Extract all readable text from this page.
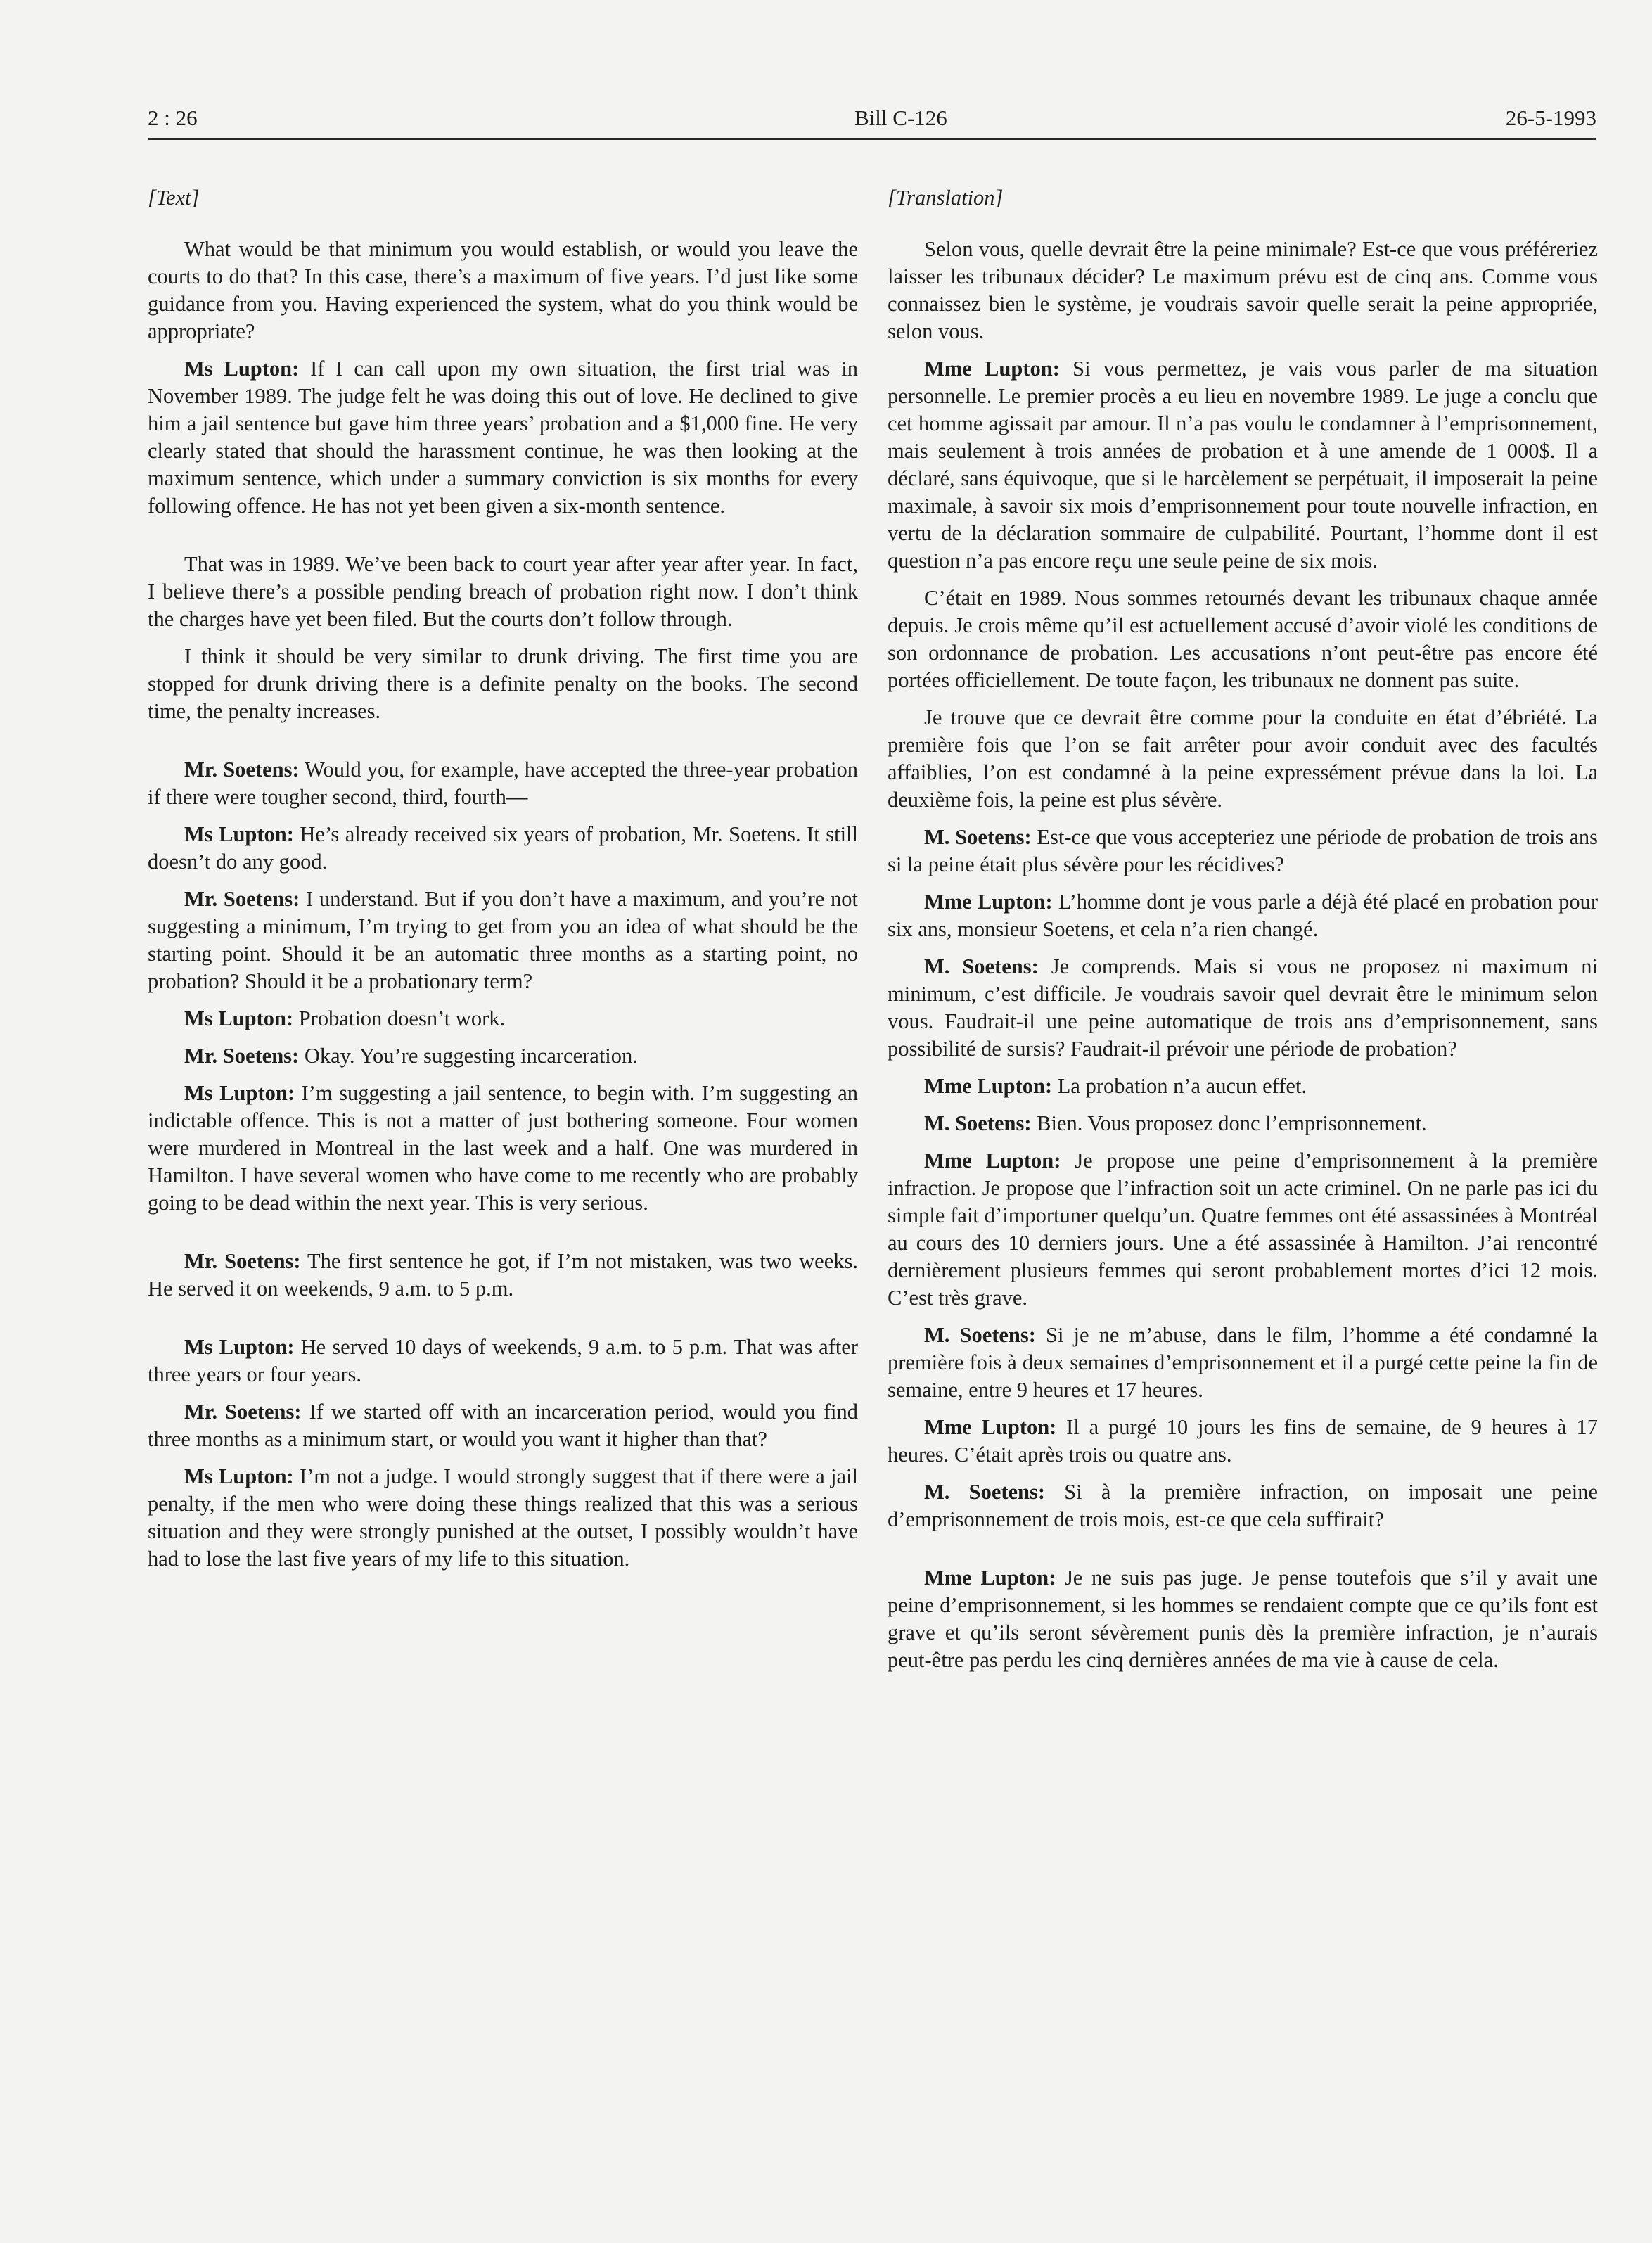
2 : 26	Bill C-126	26-5-1993

[Text]

What would be that minimum you would establish, or would you leave the courts to do that? In this case, there’s a maximum of five years. I’d just like some guidance from you. Having experienced the system, what do you think would be appropriate?

Ms Lupton: If I can call upon my own situation, the first trial was in November 1989. The judge felt he was doing this out of love. He declined to give him a jail sentence but gave him three years’ probation and a $1,000 fine. He very clearly stated that should the harassment continue, he was then looking at the maximum sentence, which under a summary conviction is six months for every following offence. He has not yet been given a six-month sentence.

That was in 1989. We’ve been back to court year after year after year. In fact, I believe there’s a possible pending breach of probation right now. I don’t think the charges have yet been filed. But the courts don’t follow through.

I think it should be very similar to drunk driving. The first time you are stopped for drunk driving there is a definite penalty on the books. The second time, the penalty increases.

Mr. Soetens: Would you, for example, have accepted the three-year probation if there were tougher second, third, fourth—

Ms Lupton: He’s already received six years of probation, Mr. Soetens. It still doesn’t do any good.

Mr. Soetens: I understand. But if you don’t have a maximum, and you’re not suggesting a minimum, I’m trying to get from you an idea of what should be the starting point. Should it be an automatic three months as a starting point, no probation? Should it be a probationary term?

Ms Lupton: Probation doesn’t work.

Mr. Soetens: Okay. You’re suggesting incarceration.

Ms Lupton: I’m suggesting a jail sentence, to begin with. I’m suggesting an indictable offence. This is not a matter of just bothering someone. Four women were murdered in Montreal in the last week and a half. One was murdered in Hamilton. I have several women who have come to me recently who are probably going to be dead within the next year. This is very serious.

Mr. Soetens: The first sentence he got, if I’m not mistaken, was two weeks. He served it on weekends, 9 a.m. to 5 p.m.

Ms Lupton: He served 10 days of weekends, 9 a.m. to 5 p.m. That was after three years or four years.

Mr. Soetens: If we started off with an incarceration period, would you find three months as a minimum start, or would you want it higher than that?

Ms Lupton: I’m not a judge. I would strongly suggest that if there were a jail penalty, if the men who were doing these things realized that this was a serious situation and they were strongly punished at the outset, I possibly wouldn’t have had to lose the last five years of my life to this situation.

[Translation]

Selon vous, quelle devrait être la peine minimale? Est-ce que vous préféreriez laisser les tribunaux décider? Le maximum prévu est de cinq ans. Comme vous connaissez bien le système, je voudrais savoir quelle serait la peine appropriée, selon vous.

Mme Lupton: Si vous permettez, je vais vous parler de ma situation personnelle. Le premier procès a eu lieu en novembre 1989. Le juge a conclu que cet homme agissait par amour. Il n’a pas voulu le condamner à l’emprisonnement, mais seulement à trois années de probation et à une amende de 1 000$. Il a déclaré, sans équivoque, que si le harcèlement se perpétuait, il imposerait la peine maximale, à savoir six mois d’emprisonnement pour toute nouvelle infraction, en vertu de la déclaration sommaire de culpabilité. Pourtant, l’homme dont il est question n’a pas encore reçu une seule peine de six mois.

C’était en 1989. Nous sommes retournés devant les tribunaux chaque année depuis. Je crois même qu’il est actuellement accusé d’avoir violé les conditions de son ordonnance de probation. Les accusations n’ont peut-être pas encore été portées officiellement. De toute façon, les tribunaux ne donnent pas suite.

Je trouve que ce devrait être comme pour la conduite en état d’ébriété. La première fois que l’on se fait arrêter pour avoir conduit avec des facultés affaiblies, l’on est condamné à la peine expressément prévue dans la loi. La deuxième fois, la peine est plus sévère.

M. Soetens: Est-ce que vous accepteriez une période de probation de trois ans si la peine était plus sévère pour les récidives?

Mme Lupton: L’homme dont je vous parle a déjà été placé en probation pour six ans, monsieur Soetens, et cela n’a rien changé.

M. Soetens: Je comprends. Mais si vous ne proposez ni maximum ni minimum, c’est difficile. Je voudrais savoir quel devrait être le minimum selon vous. Faudrait-il une peine automatique de trois ans d’emprisonnement, sans possibilité de sursis? Faudrait-il prévoir une période de probation?

Mme Lupton: La probation n’a aucun effet.

M. Soetens: Bien. Vous proposez donc l’emprisonnement.

Mme Lupton: Je propose une peine d’emprisonnement à la première infraction. Je propose que l’infraction soit un acte criminel. On ne parle pas ici du simple fait d’importuner quelqu’un. Quatre femmes ont été assassinées à Montréal au cours des 10 derniers jours. Une a été assassinée à Hamilton. J’ai rencontré dernièrement plusieurs femmes qui seront probablement mortes d’ici 12 mois. C’est très grave.

M. Soetens: Si je ne m’abuse, dans le film, l’homme a été condamné la première fois à deux semaines d’emprisonnement et il a purgé cette peine la fin de semaine, entre 9 heures et 17 heures.

Mme Lupton: Il a purgé 10 jours les fins de semaine, de 9 heures à 17 heures. C’était après trois ou quatre ans.

M. Soetens: Si à la première infraction, on imposait une peine d’emprisonnement de trois mois, est-ce que cela suffirait?

Mme Lupton: Je ne suis pas juge. Je pense toutefois que s’il y avait une peine d’emprisonnement, si les hommes se rendaient compte que ce qu’ils font est grave et qu’ils seront sévèrement punis dès la première infraction, je n’aurais peut-être pas perdu les cinq dernières années de ma vie à cause de cela.
